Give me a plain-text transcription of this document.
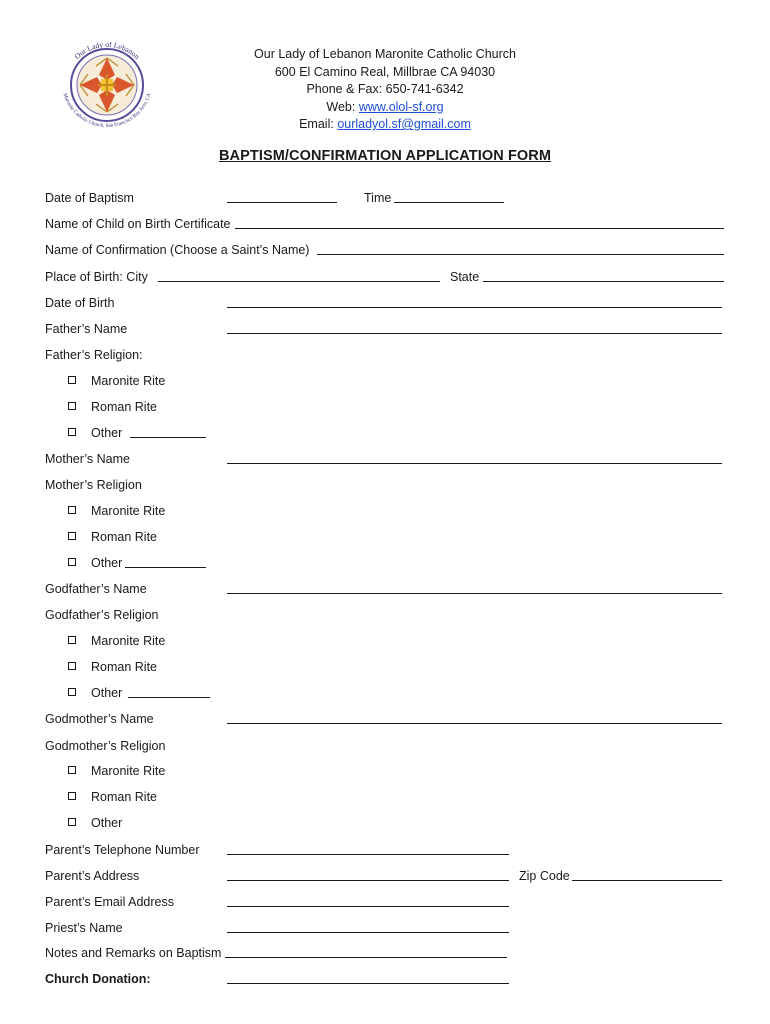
Our Lady of Lebanon
Maronite Catholic Church, San Francisco Bay Area, CA
Our Lady of Lebanon Maronite Catholic Church
600 El Camino Real, Millbrae CA 94030
Phone & Fax: 650-741-6342
Web: www.olol-sf.org
Email: ourladyol.sf@gmail.com
BAPTISM/CONFIRMATION APPLICATION FORM
Date of Baptism	Time
Name of Child on Birth Certificate
Name of Confirmation (Choose a Saint’s Name)
Place of Birth: City	State
Date of Birth
Father’s Name
Father’s Religion:
Maronite Rite
Roman Rite
Other
Mother’s Name
Mother’s Religion
Maronite Rite
Roman Rite
Other
Godfather’s Name
Godfather’s Religion
Maronite Rite
Roman Rite
Other
Godmother’s Name
Godmother’s Religion
Maronite Rite
Roman Rite
Other
Parent’s Telephone Number
Parent’s Address	Zip Code
Parent’s Email Address
Priest’s Name
Notes and Remarks on Baptism
Church Donation:
